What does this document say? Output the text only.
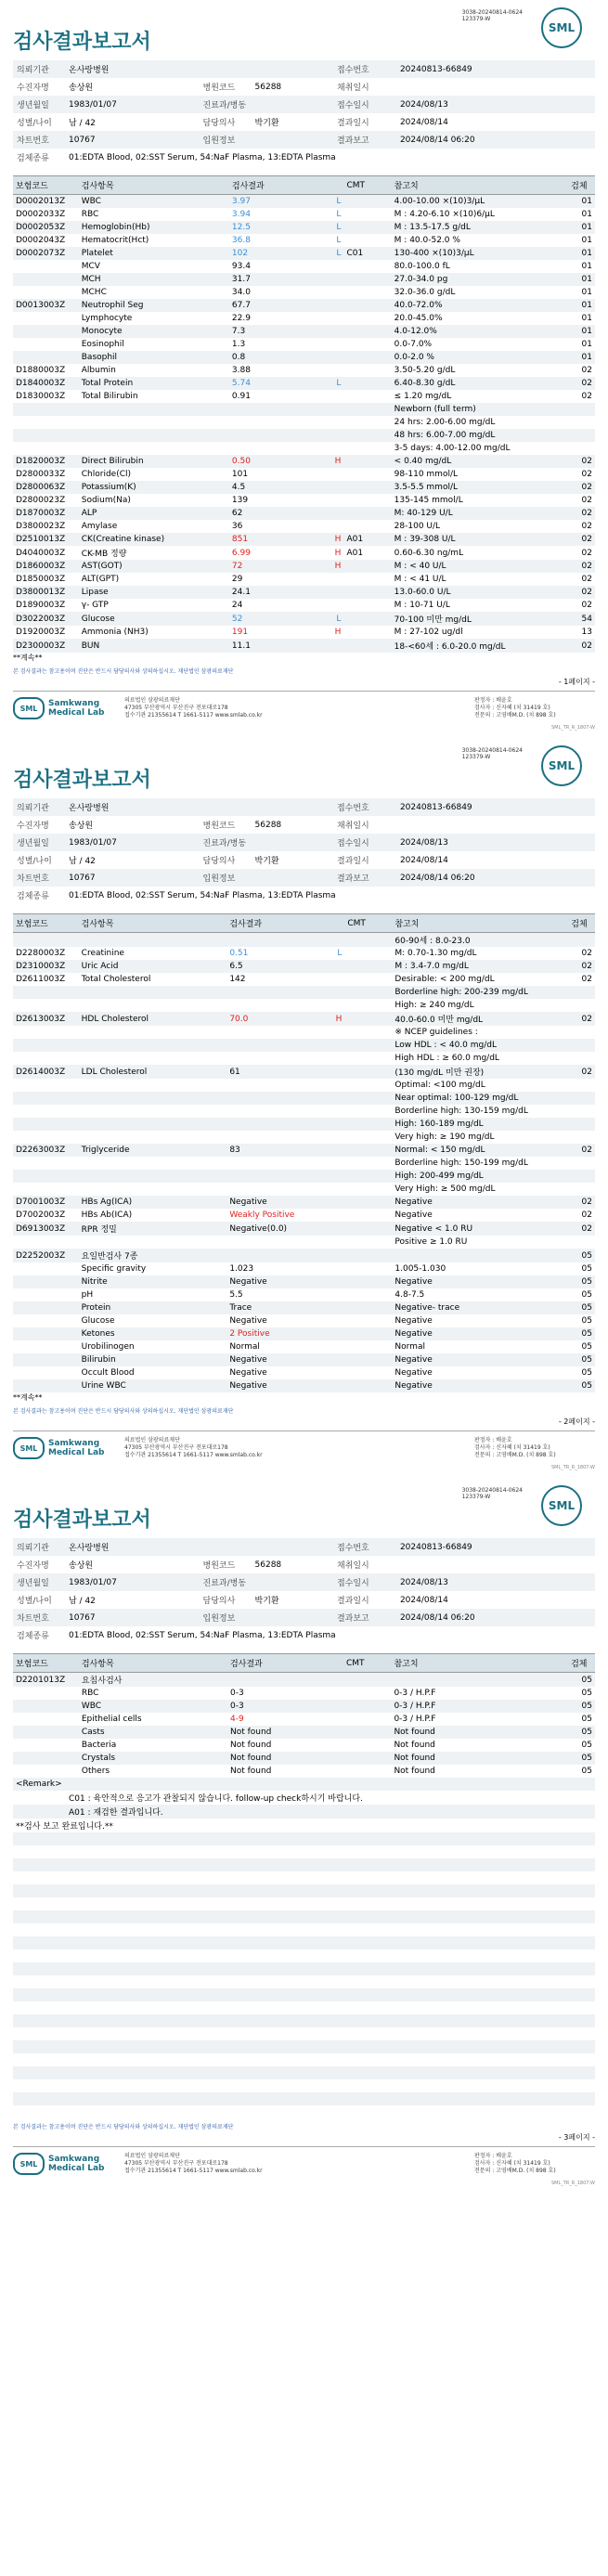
검사결과보고서
3038-20240814-0624
123379-W
SML
의뢰기관	온사랑병원			접수번호	20240813-66849
수진자명	송상원	병원코드	56288	채취일시	
생년월일	1983/01/07	진료과/병동		접수일시	2024/08/13
성별/나이	남 / 42	담당의사	박기환	결과일시	2024/08/14
차트번호	10767	입원정보		결과보고	2024/08/14 06:20
검체종류	01:EDTA Blood, 02:SST Serum, 54:NaF Plasma, 13:EDTA Plasma				
보험코드	검사항목	검사결과	CMT	참고치	검체
D0002013Z	WBC	3.97 L		4.00-10.00 ×(10)3/μL	01
D0002033Z	RBC	3.94 L		M : 4.20-6.10 ×(10)6/μL	01
D0002053Z	Hemoglobin(Hb)	12.5 L		M : 13.5-17.5 g/dL	01
D0002043Z	Hematocrit(Hct)	36.8 L		M : 40.0-52.0 %	01
D0002073Z	Platelet	102 L	C01	130-400 ×(10)3/μL	01
	MCV	93.4		80.0-100.0 fL	01
	MCH	31.7		27.0-34.0 pg	01
	MCHC	34.0		32.0-36.0 g/dL	01
D0013003Z	Neutrophil Seg	67.7		40.0-72.0%	01
	Lymphocyte	22.9		20.0-45.0%	01
	Monocyte	7.3		4.0-12.0%	01
	Eosinophil	1.3		0.0-7.0%	01
	Basophil	0.8		0.0-2.0 %	01
D1880003Z	Albumin	3.88		3.50-5.20 g/dL	02
D1840003Z	Total Protein	5.74 L		6.40-8.30 g/dL	02
D1830003Z	Total Bilirubin	0.91		≤ 1.20 mg/dL	02

		Newborn (full term)	

		24 hrs: 2.00-6.00 mg/dL	

		48 hrs: 6.00-7.00 mg/dL	

		3-5 days: 4.00-12.00 mg/dL	
D1820003Z	Direct Bilirubin	0.50 H		< 0.40 mg/dL	02
D2800033Z	Chloride(Cl)	101		98-110 mmol/L	02
D2800063Z	Potassium(K)	4.5		3.5-5.5 mmol/L	02
D2800023Z	Sodium(Na)	139		135-145 mmol/L	02
D1870003Z	ALP	62		M: 40-129 U/L	02
D3800023Z	Amylase	36		28-100 U/L	02
D2510013Z	CK(Creatine kinase)	851 H	A01	M : 39-308 U/L	02
D4040003Z	CK-MB 정량	6.99 H	A01	0.60-6.30 ng/mL	02
D1860003Z	AST(GOT)	72 H		M : < 40 U/L	02
D1850003Z	ALT(GPT)	29		M : < 41 U/L	02
D3800013Z	Lipase	24.1		13.0-60.0 U/L	02
D1890003Z	γ- GTP	24		M : 10-71 U/L	02
D3022003Z	Glucose	52 L		70-100 미만 mg/dL	54
D1920003Z	Ammonia (NH3)	191 H		M : 27-102 ug/dl	13
D2300003Z	BUN	11.1		18-<60세 : 6.0-20.0 mg/dL	02
**계속**
본 검사결과는 참고용이며 진단은 반드시 담당의사와 상의하십시오. 재단법인 삼광의료재단
- 1페이지 -
SML	Samkwang
Medical Lab
의료법인 삼광의료재단
47305 부산광역시 부산진구 전포대로178
접수기관 21355614 T 1661-5117 www.smlab.co.kr
판정자 : 배윤호
검사자 : 신자혜 (치 31419 호)
전문의 : 고영배M.D. (치 898 호)
SML_TR_R_1807-W
검사결과보고서
3038-20240814-0624
123379-W
SML
의뢰기관	온사랑병원			접수번호	20240813-66849
수진자명	송상원	병원코드	56288	채취일시	
생년월일	1983/01/07	진료과/병동		접수일시	2024/08/13
성별/나이	남 / 42	담당의사	박기환	결과일시	2024/08/14
차트번호	10767	입원정보		결과보고	2024/08/14 06:20
검체종류	01:EDTA Blood, 02:SST Serum, 54:NaF Plasma, 13:EDTA Plasma				
보험코드	검사항목	검사결과	CMT	참고치	검체

		60-90세 : 8.0-23.0	
D2280003Z	Creatinine	0.51 L		M: 0.70-1.30 mg/dL	02
D2310003Z	Uric Acid	6.5		M : 3.4-7.0 mg/dL	02
D2611003Z	Total Cholesterol	142		Desirable: < 200 mg/dL	02

		Borderline high: 200-239 mg/dL	

		High: ≥ 240 mg/dL	
D2613003Z	HDL Cholesterol	70.0 H		40.0-60.0 미만 mg/dL	02

		※ NCEP guidelines :	

		Low HDL : < 40.0 mg/dL	

		High HDL : ≥ 60.0 mg/dL	
D2614003Z	LDL Cholesterol	61		(130 mg/dL 미만 권장)	02

		Optimal: <100 mg/dL	

		Near optimal: 100-129 mg/dL	

		Borderline high: 130-159 mg/dL	

		High: 160-189 mg/dL	

		Very high: ≥ 190 mg/dL	
D2263003Z	Triglyceride	83		Normal: < 150 mg/dL	02

		Borderline high: 150-199 mg/dL	

		High: 200-499 mg/dL	

		Very High: ≥ 500 mg/dL	
D7001003Z	HBs Ag(ICA)	Negative		Negative	02
D7002003Z	HBs Ab(ICA)	Weakly Positive		Negative	02
D6913003Z	RPR 정밀	Negative(0.0)		Negative < 1.0 RU	02

		Positive ≥ 1.0 RU	
D2252003Z	요일반검사 7종				05
	Specific gravity	1.023		1.005-1.030	05
	Nitrite	Negative		Negative	05
	pH	5.5		4.8-7.5	05
	Protein	Trace		Negative- trace	05
	Glucose	Negative		Negative	05
	Ketones	2 Positive		Negative	05
	Urobilinogen	Normal		Normal	05
	Bilirubin	Negative		Negative	05
	Occult Blood	Negative		Negative	05
	Urine WBC	Negative		Negative	05
**계속**
본 검사결과는 참고용이며 진단은 반드시 담당의사와 상의하십시오. 재단법인 삼광의료재단
- 2페이지 -
SML	Samkwang
Medical Lab
의료법인 삼광의료재단
47305 부산광역시 부산진구 전포대로178
접수기관 21355614 T 1661-5117 www.smlab.co.kr
판정자 : 배윤호
검사자 : 신자혜 (치 31419 호)
전문의 : 고영배M.D. (치 898 호)
SML_TR_R_1807-W
검사결과보고서
3038-20240814-0624
123379-W
SML
의뢰기관	온사랑병원			접수번호	20240813-66849
수진자명	송상원	병원코드	56288	채취일시	
생년월일	1983/01/07	진료과/병동		접수일시	2024/08/13
성별/나이	남 / 42	담당의사	박기환	결과일시	2024/08/14
차트번호	10767	입원정보		결과보고	2024/08/14 06:20
검체종류	01:EDTA Blood, 02:SST Serum, 54:NaF Plasma, 13:EDTA Plasma				
보험코드	검사항목	검사결과	CMT	참고치	검체
D2201013Z	요침사검사				05
	RBC	0-3		0-3 / H.P.F	05
	WBC	0-3		0-3 / H.P.F	05
	Epithelial cells	4-9		0-3 / H.P.F	05
	Casts	Not found		Not found	05
	Bacteria	Not found		Not found	05
	Crystals	Not found		Not found	05
	Others	Not found		Not found	05
<Remark>					
C01 : 육안적으로 응고가 관찰되지 않습니다. follow-up check하시기 바랍니다.					
A01 : 재검한 결과입니다.					
**검사 보고 완료입니다.**					

본 검사결과는 참고용이며 진단은 반드시 담당의사와 상의하십시오. 재단법인 삼광의료재단
- 3페이지 -
SML	Samkwang
Medical Lab
의료법인 삼광의료재단
47305 부산광역시 부산진구 전포대로178
접수기관 21355614 T 1661-5117 www.smlab.co.kr
판정자 : 배윤호
검사자 : 신자혜 (치 31419 호)
전문의 : 고영배M.D. (치 898 호)
SML_TR_R_1807-W
